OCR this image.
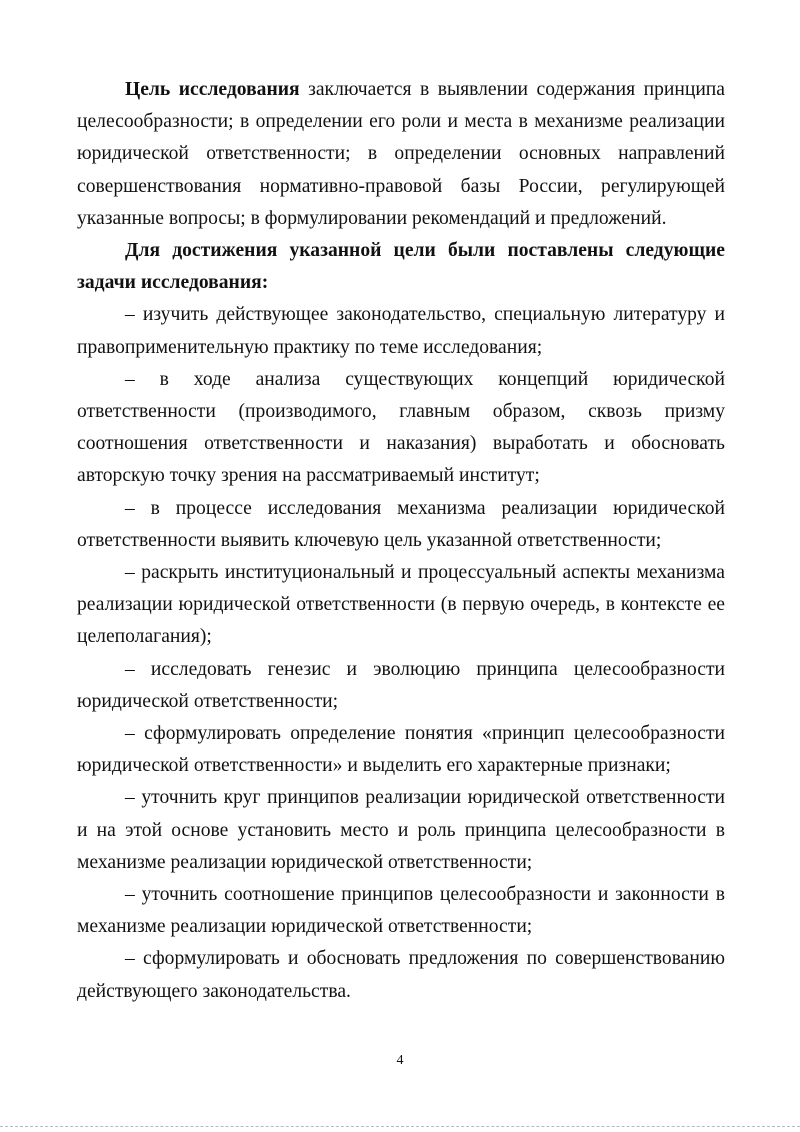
Цель исследования заключается в выявлении содержания принципа целесообразности; в определении его роли и места в механизме реализации юридической ответственности; в определении основных направлений совершенствования нормативно-правовой базы России, регулирующей указанные вопросы; в формулировании рекомендаций и предложений.

Для достижения указанной цели были поставлены следующие задачи исследования:

– изучить действующее законодательство, специальную литературу и правоприменительную практику по теме исследования;

– в ходе анализа существующих концепций юридической ответственности (производимого, главным образом, сквозь призму соотношения ответственности и наказания) выработать и обосновать авторскую точку зрения на рассматриваемый институт;

– в процессе исследования механизма реализации юридической ответственности выявить ключевую цель указанной ответственности;

– раскрыть институциональный и процессуальный аспекты механизма реализации юридической ответственности (в первую очередь, в контексте ее целеполагания);

– исследовать генезис и эволюцию принципа целесообразности юридической ответственности;

– сформулировать определение понятия «принцип целесообразности юридической ответственности» и выделить его характерные признаки;

– уточнить круг принципов реализации юридической ответственности и на этой основе установить место и роль принципа целесообразности в механизме реализации юридической ответственности;

– уточнить соотношение принципов целесообразности и законности в механизме реализации юридической ответственности;

– сформулировать и обосновать предложения по совершенствованию действующего законодательства.

4
